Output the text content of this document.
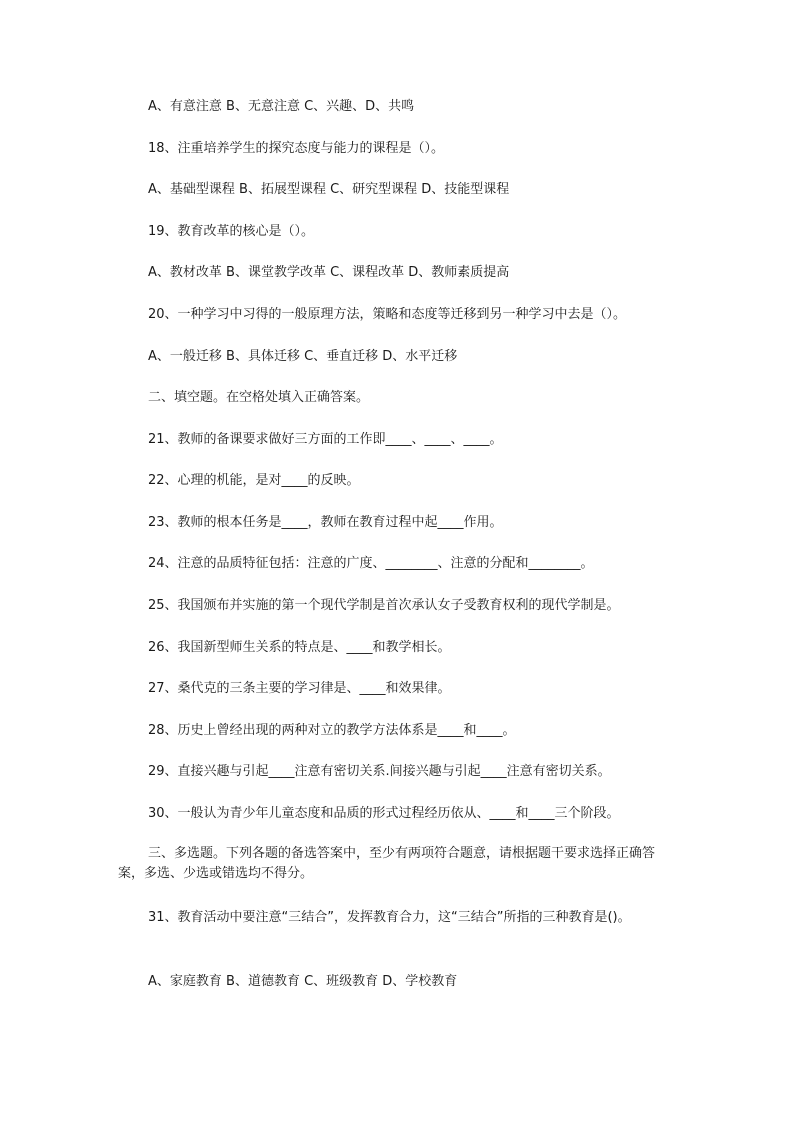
A、有意注意 B、无意注意 C、兴趣、D、共鸣
18、注重培养学生的探究态度与能力的课程是（）。
A、基础型课程 B、拓展型课程 C、研究型课程 D、技能型课程
19、教育改革的核心是（）。
A、教材改革 B、课堂教学改革 C、课程改革 D、教师素质提高
20、一种学习中习得的一般原理方法，策略和态度等迁移到另一种学习中去是（）。
A、一般迁移 B、具体迁移 C、垂直迁移 D、水平迁移
二、填空题。在空格处填入正确答案。
21、教师的备课要求做好三方面的工作即____、____、____。
22、心理的机能，是对____的反映。
23、教师的根本任务是____，教师在教育过程中起____作用。
24、注意的品质特征包括：注意的广度、________、注意的分配和________。
25、我国颁布并实施的第一个现代学制是首次承认女子受教育权利的现代学制是。
26、我国新型师生关系的特点是、____和教学相长。
27、桑代克的三条主要的学习律是、____和效果律。
28、历史上曾经出现的两种对立的教学方法体系是____和____。
29、直接兴趣与引起____注意有密切关系.间接兴趣与引起____注意有密切关系。
30、一般认为青少年儿童态度和品质的形式过程经历依从、____和____三个阶段。
三、多选题。下列各题的备选答案中，至少有两项符合题意，请根据题干要求选择正确答案，多选、少选或错选均不得分。
31、教育活动中要注意“三结合”，发挥教育合力，这“三结合”所指的三种教育是()。
A、家庭教育 B、道德教育 C、班级教育 D、学校教育
